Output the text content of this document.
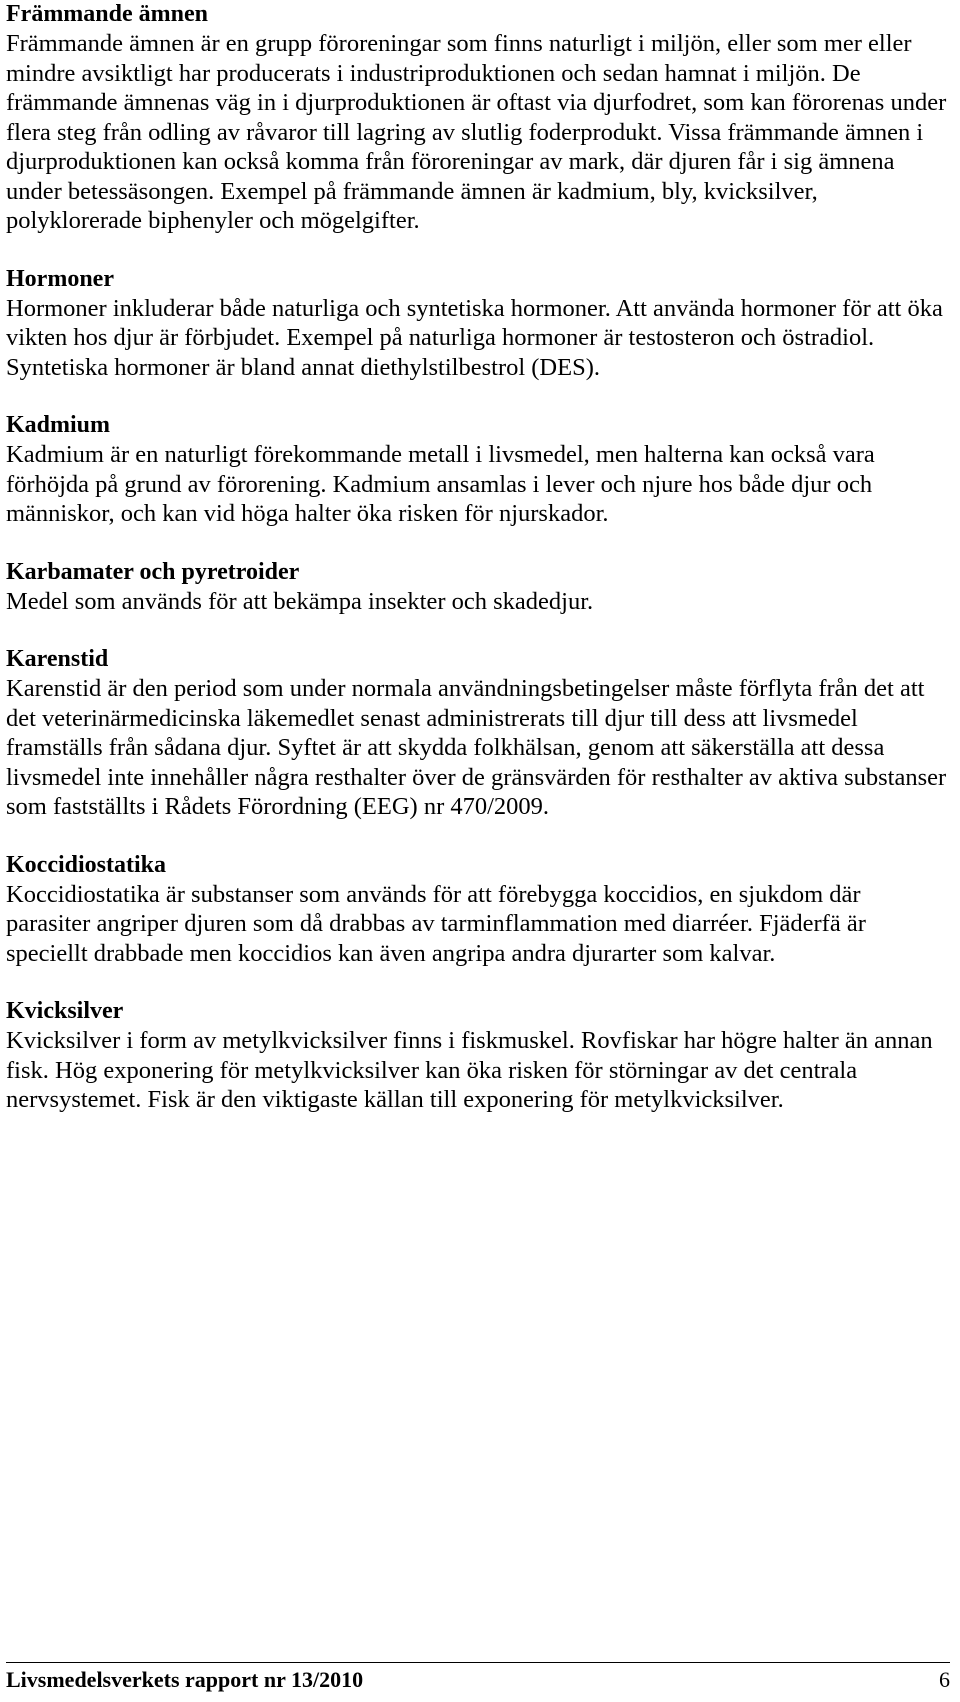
Främmande ämnen

Främmande ämnen är en grupp föroreningar som finns naturligt i miljön, eller som mer eller mindre avsiktligt har producerats i industriproduktionen och sedan hamnat i miljön. De främmande ämnenas väg in i djurproduktionen är oftast via djurfodret, som kan förorenas under flera steg från odling av råvaror till lagring av slutlig foderprodukt. Vissa främmande ämnen i djurproduktionen kan också komma från föroreningar av mark, där djuren får i sig ämnena under betessäsongen. Exempel på främmande ämnen är kadmium, bly, kvicksilver, polyklorerade biphenyler och mögelgifter.

Hormoner

Hormoner inkluderar både naturliga och syntetiska hormoner. Att använda hormoner för att öka vikten hos djur är förbjudet. Exempel på naturliga hormoner är testosteron och östradiol. Syntetiska hormoner är bland annat diethylstilbestrol (DES).

Kadmium

Kadmium är en naturligt förekommande metall i livsmedel, men halterna kan också vara förhöjda på grund av förorening. Kadmium ansamlas i lever och njure hos både djur och människor, och kan vid höga halter öka risken för njurskador.

Karbamater och pyretroider

Medel som används för att bekämpa insekter och skadedjur.

Karenstid

Karenstid är den period som under normala användningsbetingelser måste förflyta från det att det veterinärmedicinska läkemedlet senast administrerats till djur till dess att livsmedel framställs från sådana djur. Syftet är att skydda folkhälsan, genom att säkerställa att dessa livsmedel inte innehåller några resthalter över de gränsvärden för resthalter av aktiva substanser som fastställts i Rådets Förordning (EEG) nr 470/2009.

Koccidiostatika

Koccidiostatika är substanser som används för att förebygga koccidios, en sjukdom där parasiter angriper djuren som då drabbas av tarminflammation med diarréer. Fjäderfä är speciellt drabbade men koccidios kan även angripa andra djurarter som kalvar.

Kvicksilver

Kvicksilver i form av metylkvicksilver finns i fiskmuskel. Rovfiskar har högre halter än annan fisk. Hög exponering för metylkvicksilver kan öka risken för störningar av det centrala nervsystemet. Fisk är den viktigaste källan till exponering för metylkvicksilver.

Livsmedelsverkets rapport nr 13/2010	6
